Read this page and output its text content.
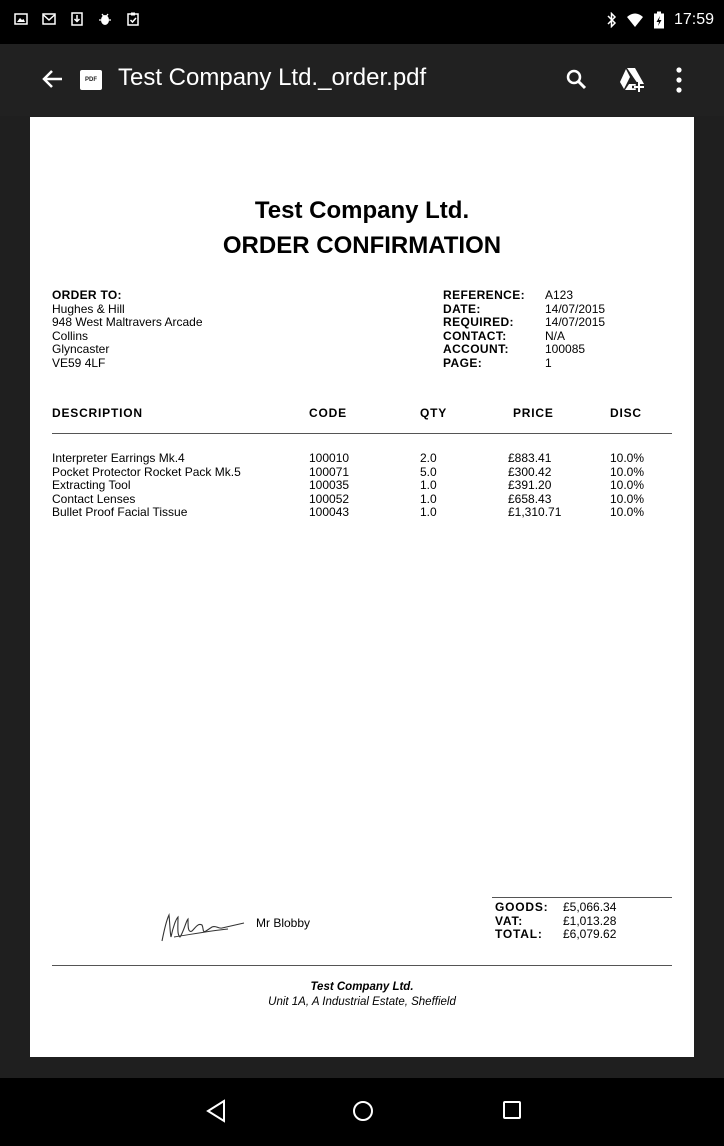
17:59
PDF Test Company Ltd._order.pdf
Test Company Ltd.
ORDER CONFIRMATION
ORDER TO:
Hughes & Hill
948 West Maltravers Arcade
Collins
Glyncaster
VE59 4LF
REFERENCE:	A123
DATE:	14/07/2015
REQUIRED:	14/07/2015
CONTACT:	N/A
ACCOUNT:	100085
PAGE:	1
DESCRIPTION	CODE	QTY	PRICE	DISC
Interpreter Earrings Mk.4	100010	2.0	£883.41	10.0%
Pocket Protector Rocket Pack Mk.5	100071	5.0	£300.42	10.0%
Extracting Tool	100035	1.0	£391.20	10.0%
Contact Lenses	100052	1.0	£658.43	10.0%
Bullet Proof Facial Tissue	100043	1.0	£1,310.71	10.0%
Mr Blobby
GOODS:	£5,066.34
VAT:	£1,013.28
TOTAL:	£6,079.62
Test Company Ltd.
Unit 1A, A Industrial Estate, Sheffield
